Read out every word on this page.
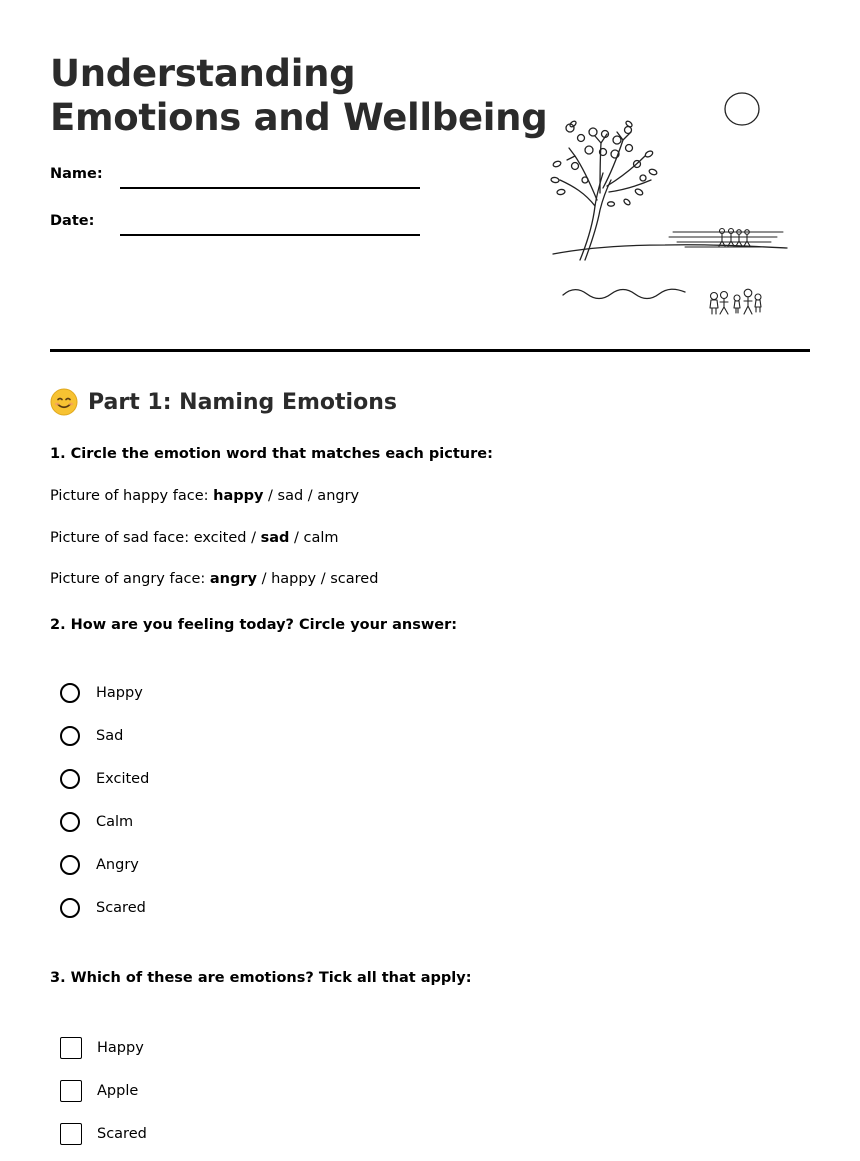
Understanding
Emotions and Wellbeing
Name:
Date:
Part 1: Naming Emotions

1. Circle the emotion word that matches each picture:

Picture of happy face: happy / sad / angry

Picture of sad face: excited / sad / calm

Picture of angry face: angry / happy / scared

2. How are you feeling today? Circle your answer:

Happy
Sad
Excited
Calm
Angry
Scared

3. Which of these are emotions? Tick all that apply:

Happy
Apple
Scared
